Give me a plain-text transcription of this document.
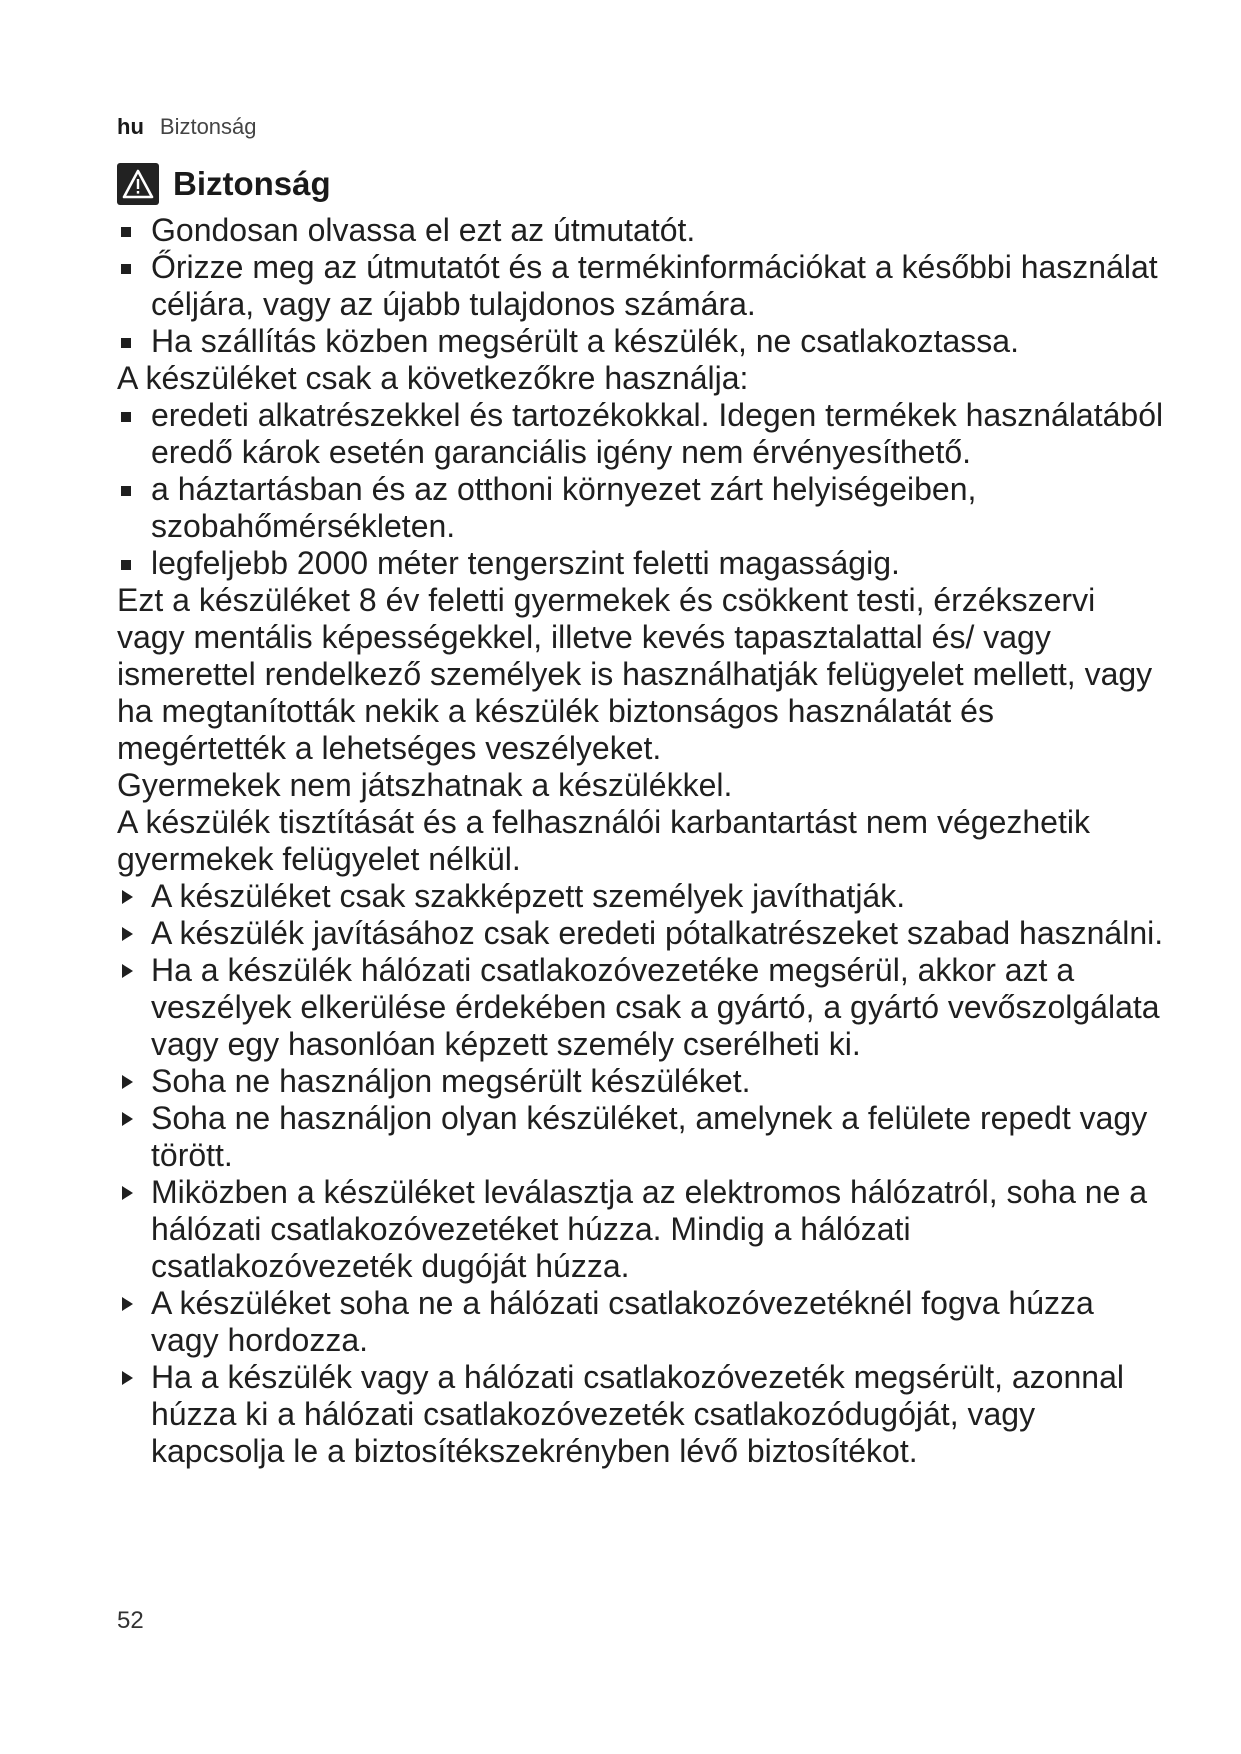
hu Biztonság
Biztonság
Gondosan olvassa el ezt az útmutatót.
Őrizze meg az útmutatót és a termékinformációkat a későbbi használat céljára, vagy az újabb tulajdonos számára.
Ha szállítás közben megsérült a készülék, ne csatlakoztassa.
A készüléket csak a következőkre használja:
eredeti alkatrészekkel és tartozékokkal. Idegen termékek használatából eredő károk esetén garanciális igény nem érvényesíthető.
a háztartásban és az otthoni környezet zárt helyiségeiben, szobahőmérsékleten.
legfeljebb 2000 méter tengerszint feletti magasságig.
Ezt a készüléket 8 év feletti gyermekek és csökkent testi, érzékszervi vagy mentális képességekkel, illetve kevés tapasztalattal és/ vagy ismerettel rendelkező személyek is használhatják felügyelet mellett, vagy ha megtanították nekik a készülék biztonságos használatát és megértették a lehetséges veszélyeket.
Gyermekek nem játszhatnak a készülékkel.
A készülék tisztítását és a felhasználói karbantartást nem végezhetik gyermekek felügyelet nélkül.
A készüléket csak szakképzett személyek javíthatják.
A készülék javításához csak eredeti pótalkatrészeket szabad használni.
Ha a készülék hálózati csatlakozóvezetéke megsérül, akkor azt a veszélyek elkerülése érdekében csak a gyártó, a gyártó vevőszolgálata vagy egy hasonlóan képzett személy cserélheti ki.
Soha ne használjon megsérült készüléket.
Soha ne használjon olyan készüléket, amelynek a felülete repedt vagy törött.
Miközben a készüléket leválasztja az elektromos hálózatról, soha ne a hálózati csatlakozóvezetéket húzza. Mindig a hálózati csatlakozóvezeték dugóját húzza.
A készüléket soha ne a hálózati csatlakozóvezetéknél fogva húzza vagy hordozza.
Ha a készülék vagy a hálózati csatlakozóvezeték megsérült, azonnal húzza ki a hálózati csatlakozóvezeték csatlakozódugóját, vagy kapcsolja le a biztosítékszekrényben lévő biztosítékot.
52
